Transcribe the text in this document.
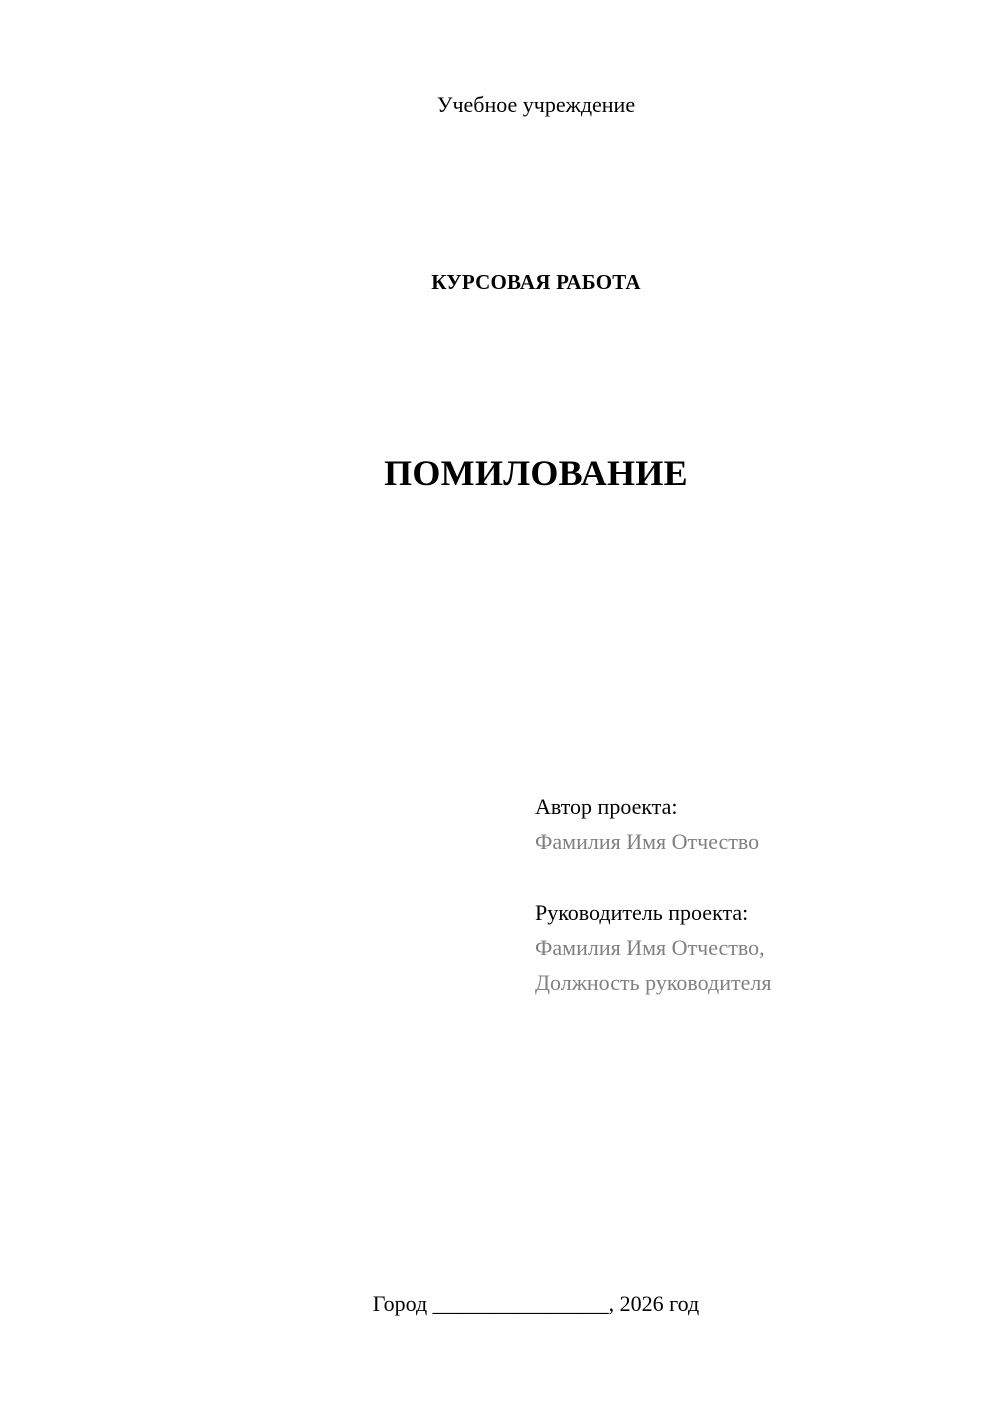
Учебное учреждение
КУРСОВАЯ РАБОТА
ПОМИЛОВАНИЕ
Автор проекта:
Фамилия Имя Отчество
Руководитель проекта:
Фамилия Имя Отчество,
Должность руководителя
Город ________________, 2026 год
